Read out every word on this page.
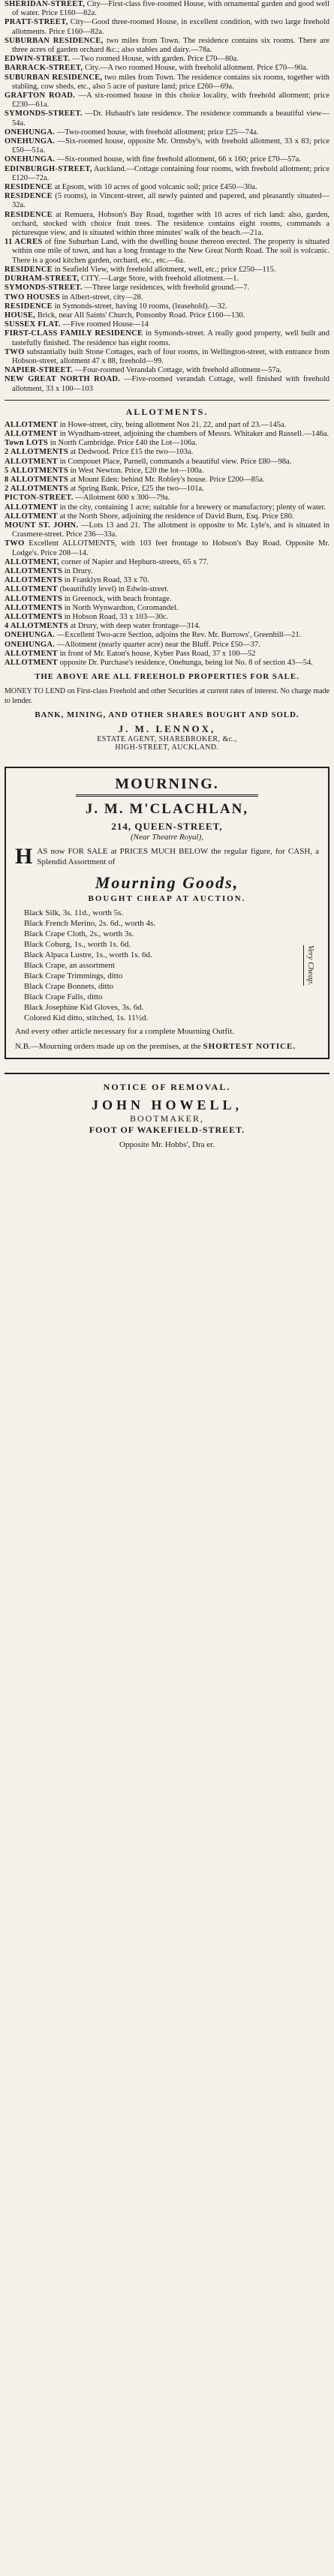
SHERIDAN-STREET, City—First-class five-roomed House, with ornamental garden and good well of water. Price £160—82a.

PRATT-STREET, City—Good three-roomed House, in excellent condition, with two large freehold allotments. Price £160—82a.

SUBURBAN RESIDENCE, two miles from Town. The residence contains six rooms. There are three acres of garden orchard &c.; also stables and dairy.—78a.

EDWIN-STREET. —Two roomed House, with garden. Price £70—80a.

BARRACK-STREET, City.—A two roomed House, with freehold allotment. Price £70—90a.

SUBURBAN RESIDENCE, two miles from Town. The residence contains six rooms, together with stabling, cow sheds, etc., also 5 acre of pasture land; price £260—69a.

GRAFTON ROAD. —A six-roomed house in this choice locality, with freehold allotment; price £230—61a.

SYMONDS-STREET. —Dr. Hubault's late residence. The residence commands a beautiful view—54a.

ONEHUNGA. —Two-roomed house, with freehold allotment; price £25—74a.

ONEHUNGA. —Six-roomed house, opposite Mr. Ormsby's, with freehold allotment, 33 x 83; price £50—51a.

ONEHUNGA. —Six-roomed house, with fine freehold allotment, 66 x 160; price £70—57a.

EDINBURGH-STREET, Auckland.—Cottage containing four rooms, with freehold allotment; price £120—72a.

RESIDENCE at Epsom, with 10 acres of good volcanic soil; price £450—30a.

RESIDENCE (5 rooms), in Vincent-street, all newly painted and papered, and pleasantly situated—32a.

RESIDENCE at Remuera, Hobson's Bay Road, together with 10 acres of rich land: also, garden, orchard, stocked with choice fruit trees. The residence contains eight rooms, commands a picturesque view, and is situated within three minutes' walk of the beach.—21a.

11 ACRES of fine Suburban Land, with the dwelling house thereon erected. The property is situated within one mile of town, and has a long frontage to the New Great North Road. The soil is volcanic. There is a good kitchen garden, orchard, etc., etc.—6a.

RESIDENCE in Seafield View, with freehold allotment, well, etc.; price £250—115.

DURHAM-STREET, CITY.—Large Store, with freehold allotment.—1.

SYMONDS-STREET. —Three large residences, with freehold ground.—7.

TWO HOUSES in Albert-street, city—28.

RESIDENCE in Symonds-street, having 10 rooms, (leasehold).—32.

HOUSE, Brick, near All Saints' Church, Ponsonby Road. Price £160—130.

SUSSEX FLAT. —Five roomed House—14

FIRST-CLASS FAMILY RESIDENCE in Symonds-street. A really good property, well built and tastefully finished. The residence has eight rooms.

TWO substantially built Stone Cottages, each of four rooms, in Wellington-street, with entrance from Hobson-street, allotment 47 x 88, freehold—99.

NAPIER-STREET. —Four-roomed Verandah Cottage, with freehold allotment—57a.

NEW GREAT NORTH ROAD. —Five-roomed verandah Cottage, well finished with freehold allotment, 33 x 100—103

ALLOTMENTS.

ALLOTMENT in Howe-street, city, being allotment Nos 21, 22, and part of 23.—145a.

ALLOTMENT in Wyndham-street, adjoining the chambers of Messrs. Whitaker and Russell.—146a.

Town LOTS in North Cambridge. Price £40 the Lot—106a.

2 ALLOTMENTS at Dedwood. Price £15 the two—103a.

ALLOTMENT in Compouet Place, Parnell, commands a beautiful view. Price £80—98a.

5 ALLOTMENTS in West Newton. Price, £20 the lot—100a.

8 ALLOTMENTS at Mount Eden: behind Mr. Robley's house. Price £200—85a.

2 ALLOTMENTS at Spring Bank. Price, £25 the two—101a.

PICTON-STREET. —Allotment 600 x 300—79a.

ALLOTMENT in the city, containing 1 acre; suitable for a brewery or manufactory; plenty of water.

ALLOTMENT at the North Shore, adjoining the residence of David Burn, Esq. Price £80.

MOUNT ST. JOHN. —Lots 13 and 21. The allotment is opposite to Mr. Lyle's, and is situated in Crasmere-street. Price 236—33a.

TWO Excellent ALLOTMENTS, with 103 feet frontage to Hobson's Bay Road. Opposite Mr. Lodge's. Price 208—14.

ALLOTMENT, corner of Napier and Hepburn-streets, 65 x 77.

ALLOTMENTS in Drury.

ALLOTMENTS in Franklyn Road, 33 x 70.

ALLOTMENT (beautifully level) in Edwin-street.

ALLOTMENTS in Greenock, with beach frontage.

ALLOTMENTS in North Wynwardton, Coromandel.

ALLOTMENTS in Hobson Road, 33 x 103—30c.

4 ALLOTMENTS at Drury, with deep water frontage—314.

ONEHUNGA. —Excellent Two-acre Section, adjoins the Rev. Mr. Burrows', Greenhill—21.

ONEHUNGA. —Allotment (nearly quarter acre) near the Bluff. Price £50—37.

ALLOTMENT in front of Mr. Eaton's house, Kyber Pass Road, 37 x 100—52

ALLOTMENT opposite Dr. Purchase's residence, Onehunga, being lot No. 8 of section 43—54.

THE ABOVE ARE ALL FREEHOLD PROPERTIES FOR SALE.
MONEY TO LEND on First-class Freehold and other Securities at current rates of interest. No charge made to lender.
BANK, MINING, AND OTHER SHARES BOUGHT AND SOLD.
J. M. LENNOX,
ESTATE AGENT, SHAREBROKER, &c.,
HIGH-STREET, AUCKLAND.
MOURNING.
J. M. M'CLACHLAN,
214, QUEEN-STREET,
(Near Theatre Royal),
HAS now FOR SALE at PRICES MUCH BELOW the regular figure, for CASH, a Splendid Assortment of
Mourning Goods,
BOUGHT CHEAP AT AUCTION.
Black Silk, 3s. 11d., worth 5s.
Black French Merino, 2s. 6d., worth 4s.
Black Crape Cloth, 2s., worth 3s.
Black Coburg, 1s., worth 1s. 6d.
Black Alpaca Lustre, 1s., worth 1s. 6d.
Black Crape, an assortment
Black Crape Trimmings, ditto
Black Crape Bonnets, ditto
Black Crape Falls, ditto
Black Josephine Kid Gloves, 3s. 6d.
Colored Kid ditto, stitched, 1s. 11½d.
Very Cheap.
And every other article necessary for a complete Mourning Outfit.
N.B.—Mourning orders made up on the premises, at the SHORTEST NOTICE.
NOTICE OF REMOVAL.
JOHN HOWELL,
BOOTMAKER,
FOOT OF WAKEFIELD-STREET.
Opposite Mr. Hobbs', Dra er.
